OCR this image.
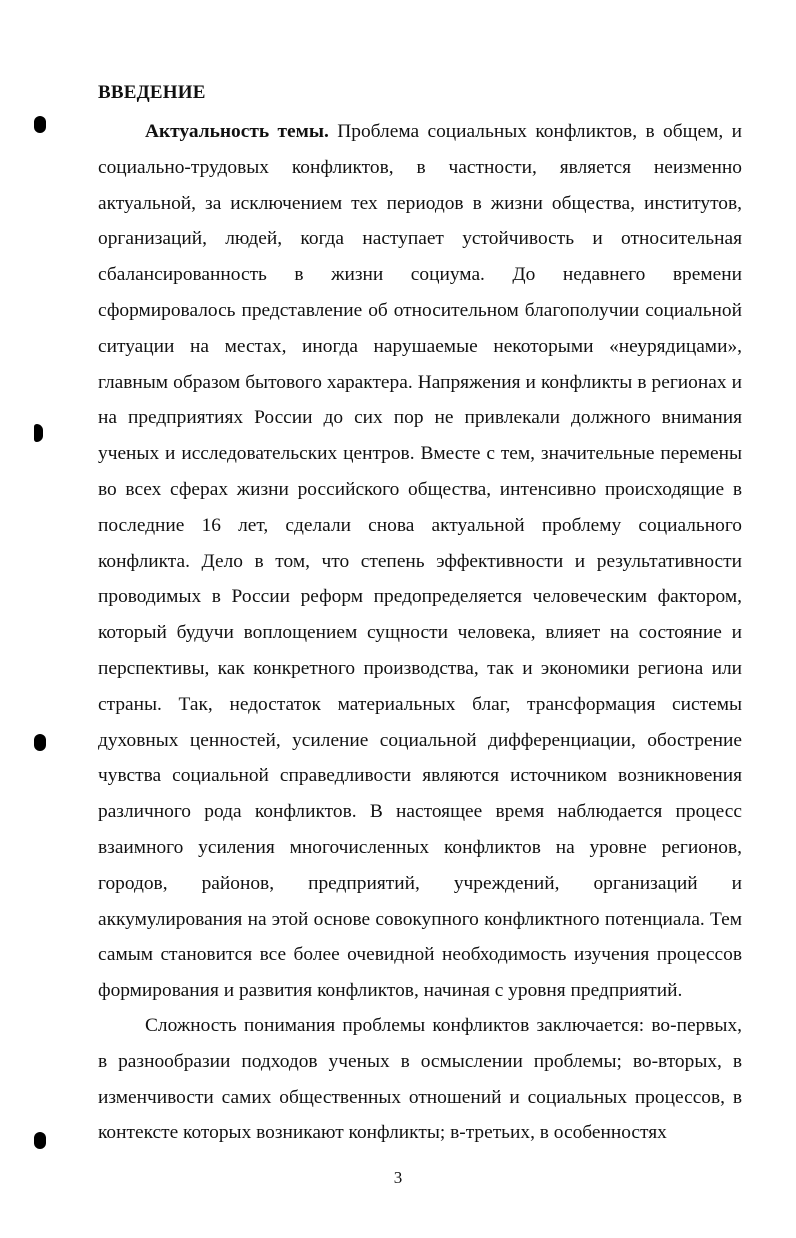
ВВЕДЕНИЕ

Актуальность темы. Проблема социальных конфликтов, в общем, и социально-трудовых конфликтов, в частности, является неизменно актуальной, за исключением тех периодов в жизни общества, институтов, организаций, людей, когда наступает устойчивость и относительная сбалансированность в жизни социума. До недавнего времени сформировалось представление об относительном благополучии социальной ситуации на местах, иногда нарушаемые некоторыми «неурядицами», главным образом бытового характера. Напряжения и конфликты в регионах и на предприятиях России до сих пор не привлекали должного внимания ученых и исследовательских центров. Вместе с тем, значительные перемены во всех сферах жизни российского общества, интенсивно происходящие в последние 16 лет, сделали снова актуальной проблему социального конфликта. Дело в том, что степень эффективности и результативности проводимых в России реформ предопределяется человеческим фактором, который будучи воплощением сущности человека, влияет на состояние и перспективы, как конкретного производства, так и экономики региона или страны. Так, недостаток материальных благ, трансформация системы духовных ценностей, усиление социальной дифференциации, обострение чувства социальной справедливости являются источником возникновения различного рода конфликтов. В настоящее время наблюдается процесс взаимного усиления многочисленных конфликтов на уровне регионов, городов, районов, предприятий, учреждений, организаций и аккумулирования на этой основе совокупного конфликтного потенциала. Тем самым становится все более очевидной необходимость изучения процессов формирования и развития конфликтов, начиная с уровня предприятий.

Сложность понимания проблемы конфликтов заключается: во-первых, в разнообразии подходов ученых в осмыслении проблемы; во-вторых, в изменчивости самих общественных отношений и социальных процессов, в контексте которых возникают конфликты; в-третьих, в особенностях

3
